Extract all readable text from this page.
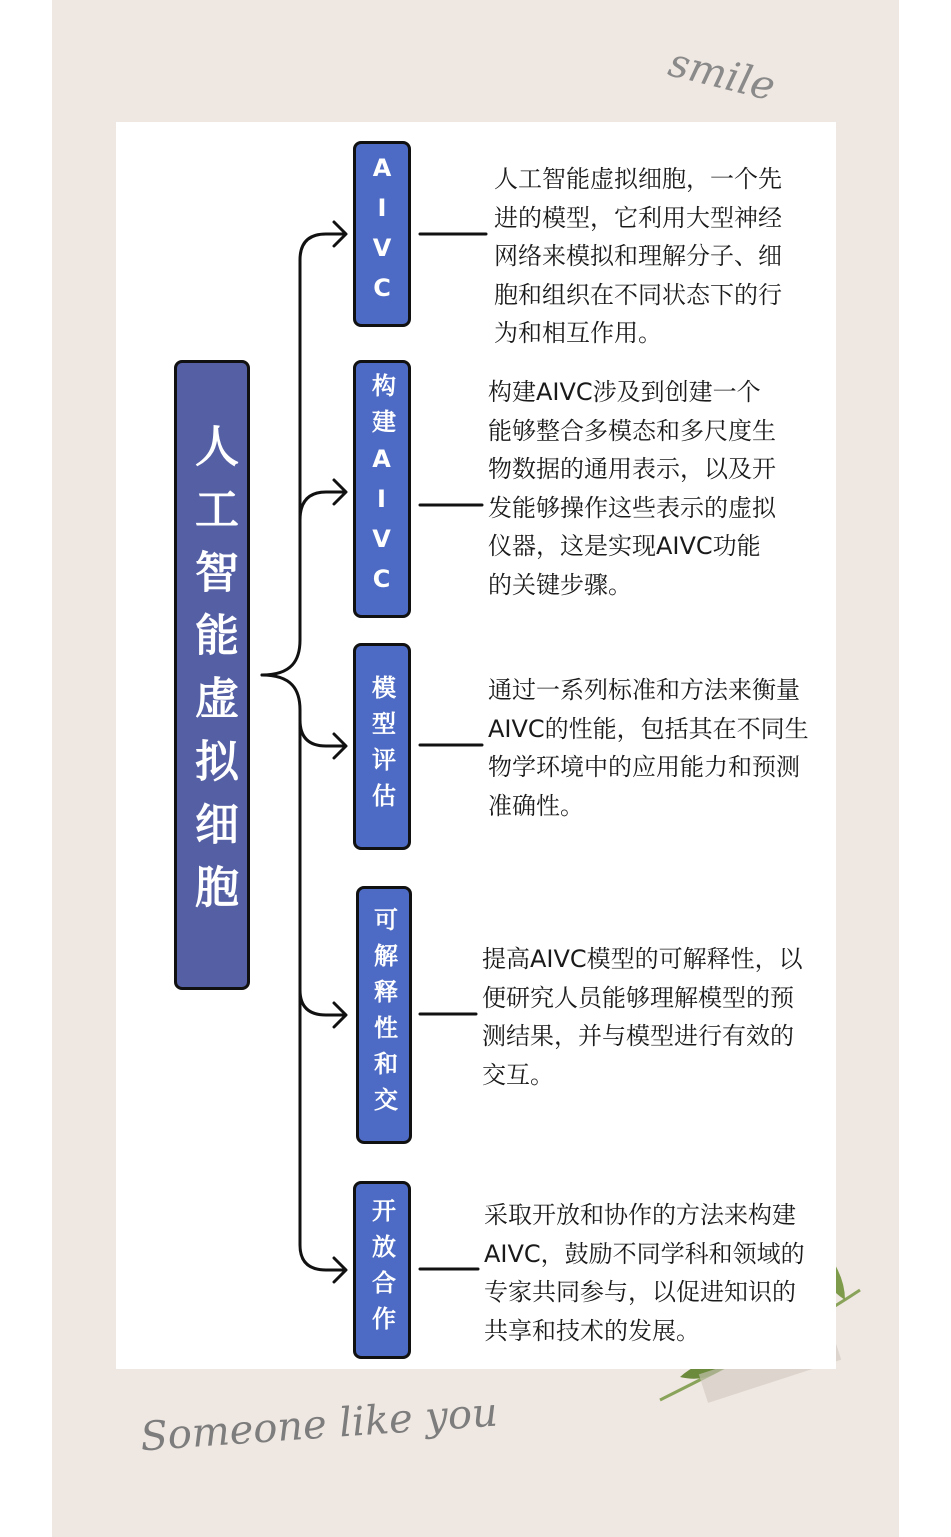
smile
Someone like you
人工智能虚拟细胞
AIVC
构建AIVC
模型评估
可解释性和交
开放合作
人工智能虚拟细胞，一个先进的模型，它利用大型神经网络来模拟和理解分子、细胞和组织在不同状态下的行为和相互作用。
构建AIVC涉及到创建一个能够整合多模态和多尺度生物数据的通用表示，以及开发能够操作这些表示的虚拟仪器，这是实现AIVC功能的关键步骤。
通过一系列标准和方法来衡量AIVC的性能，包括其在不同生物学环境中的应用能力和预测准确性。
提高AIVC模型的可解释性，以便研究人员能够理解模型的预测结果，并与模型进行有效的交互。
采取开放和协作的方法来构建AIVC，鼓励不同学科和领域的专家共同参与，以促进知识的共享和技术的发展。
